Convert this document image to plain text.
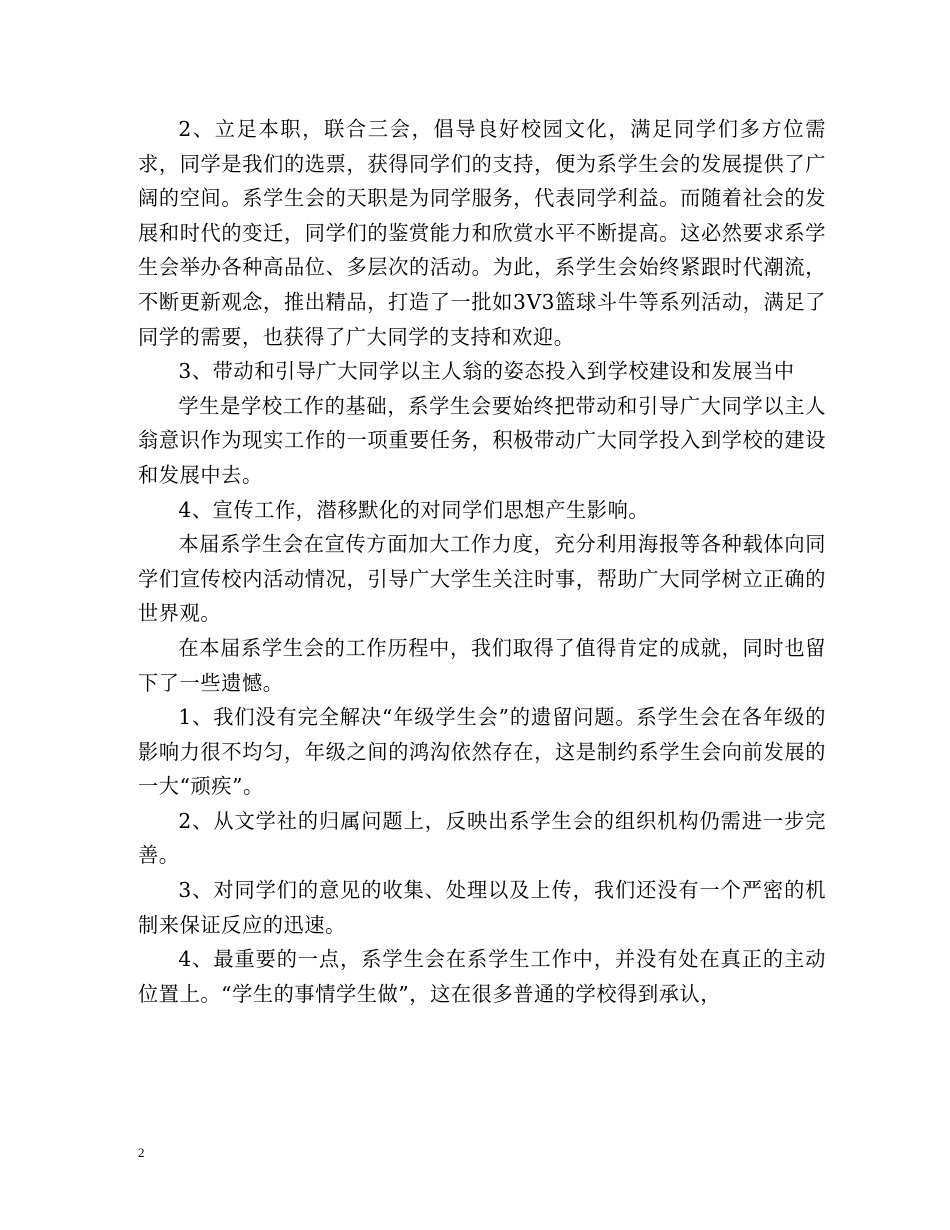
2、立足本职，联合三会，倡导良好校园文化，满足同学们多方位需求，同学是我们的选票，获得同学们的支持，便为系学生会的发展提供了广阔的空间。系学生会的天职是为同学服务，代表同学利益。而随着社会的发展和时代的变迁，同学们的鉴赏能力和欣赏水平不断提高。这必然要求系学生会举办各种高品位、多层次的活动。为此，系学生会始终紧跟时代潮流，不断更新观念，推出精品，打造了一批如3V3篮球斗牛等系列活动，满足了同学的需要，也获得了广大同学的支持和欢迎。

3、带动和引导广大同学以主人翁的姿态投入到学校建设和发展当中

学生是学校工作的基础，系学生会要始终把带动和引导广大同学以主人翁意识作为现实工作的一项重要任务，积极带动广大同学投入到学校的建设和发展中去。

4、宣传工作，潜移默化的对同学们思想产生影响。

本届系学生会在宣传方面加大工作力度，充分利用海报等各种载体向同学们宣传校内活动情况，引导广大学生关注时事，帮助广大同学树立正确的世界观。

在本届系学生会的工作历程中，我们取得了值得肯定的成就，同时也留下了一些遗憾。

1、我们没有完全解决“年级学生会”的遗留问题。系学生会在各年级的影响力很不均匀，年级之间的鸿沟依然存在，这是制约系学生会向前发展的一大“顽疾”。

2、从文学社的归属问题上，反映出系学生会的组织机构仍需进一步完善。

3、对同学们的意见的收集、处理以及上传，我们还没有一个严密的机制来保证反应的迅速。

4、最重要的一点，系学生会在系学生工作中，并没有处在真正的主动位置上。“学生的事情学生做”，这在很多普通的学校得到承认，

2
